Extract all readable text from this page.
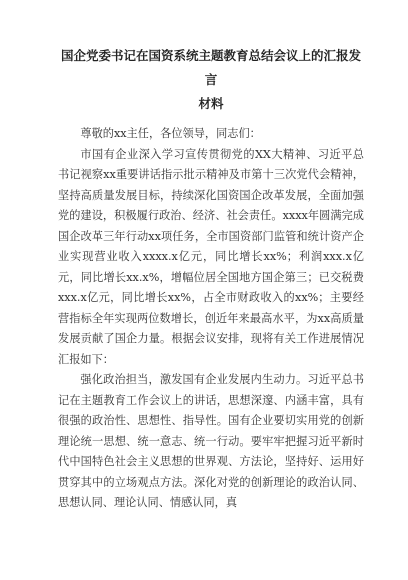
国企党委书记在国资系统主题教育总结会议上的汇报发言
材料

尊敬的xx主任，各位领导，同志们：

市国有企业深入学习宣传贯彻党的XX大精神、习近平总书记视察xx重要讲话指示批示精神及市第十三次党代会精神，坚持高质量发展目标，持续深化国资国企改革发展，全面加强党的建设，积极履行政治、经济、社会责任。xxxx年圆满完成国企改革三年行动xx项任务，全市国资部门监管和统计资产企业实现营业收入xxxx.x亿元，同比增长xx%；利润xxx.x亿元，同比增长xx.x%，增幅位居全国地方国企第三；已交税费xxx.x亿元，同比增长xx%，占全市财政收入的xx%；主要经营指标全年实现两位数增长，创近年来最高水平，为xx高质量发展贡献了国企力量。根据会议安排，现将有关工作进展情况汇报如下：

强化政治担当，激发国有企业发展内生动力。习近平总书记在主题教育工作会议上的讲话，思想深邃、内涵丰富，具有很强的政治性、思想性、指导性。国有企业要切实用党的创新理论统一思想、统一意志、统一行动。要牢牢把握习近平新时代中国特色社会主义思想的世界观、方法论，坚持好、运用好贯穿其中的立场观点方法。深化对党的创新理论的政治认同、思想认同、理论认同、情感认同，真
